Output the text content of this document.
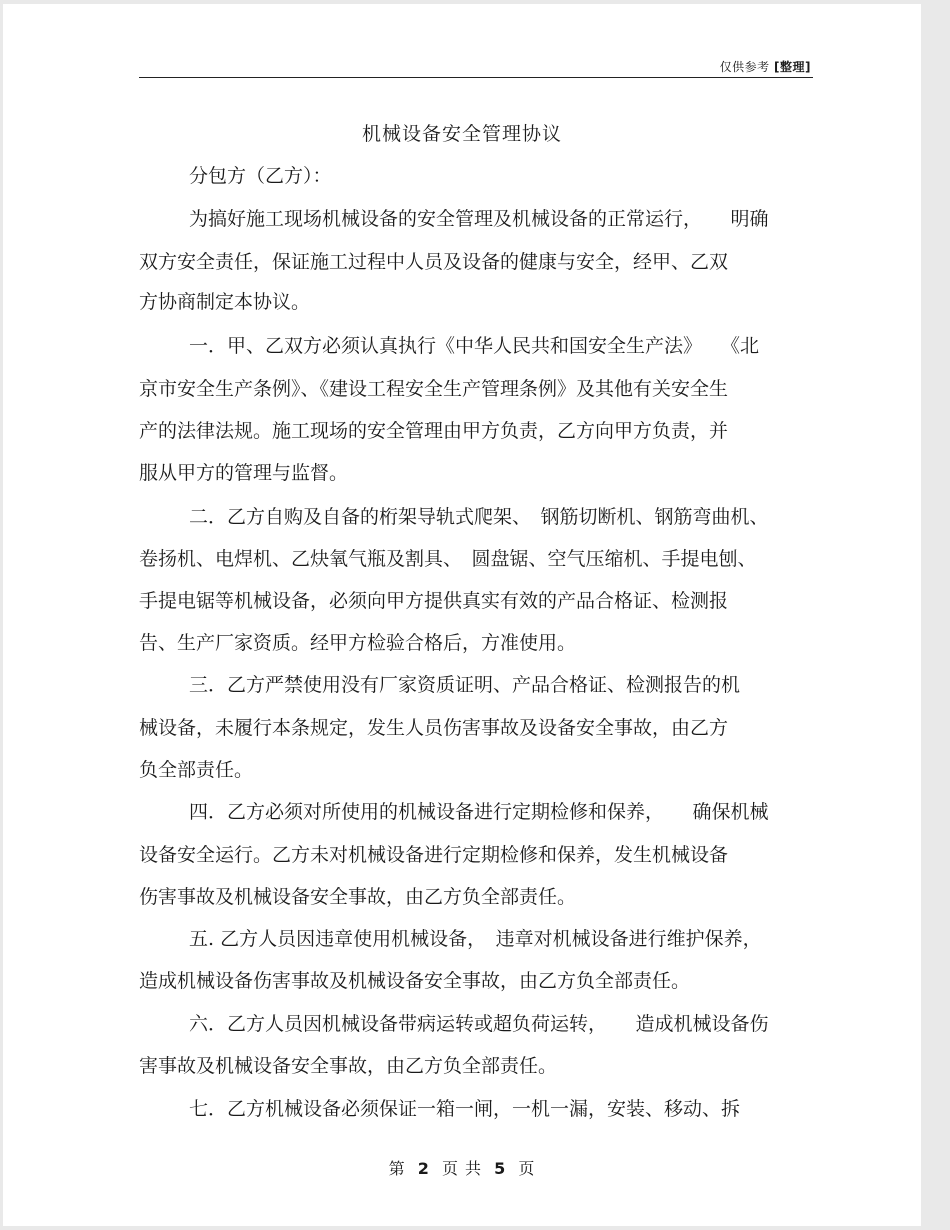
仅供参考 [整理]
机械设备安全管理协议
分包方（乙方）：
为搞好施工现场机械设备的安全管理及机械设备的正常运行，　　明确
双方安全责任，保证施工过程中人员及设备的健康与安全，经甲、乙双
方协商制定本协议。
一．甲、乙双方必须认真执行《中华人民共和国安全生产法》　　《北
京市安全生产条例》、《建设工程安全生产管理条例》及其他有关安全生
产的法律法规。施工现场的安全管理由甲方负责，乙方向甲方负责，并
服从甲方的管理与监督。
二．乙方自购及自备的桁架导轨式爬架、　钢筋切断机、钢筋弯曲机、
卷扬机、电焊机、乙炔氧气瓶及割具、　圆盘锯、空气压缩机、手提电刨、
手提电锯等机械设备，必须向甲方提供真实有效的产品合格证、检测报
告、生产厂家资质。经甲方检验合格后，方准使用。
三．乙方严禁使用没有厂家资质证明、产品合格证、检测报告的机
械设备，未履行本条规定，发生人员伤害事故及设备安全事故，由乙方
负全部责任。
四．乙方必须对所使用的机械设备进行定期检修和保养，　　确保机械
设备安全运行。乙方未对机械设备进行定期检修和保养，发生机械设备
伤害事故及机械设备安全事故，由乙方负全部责任。
五. 乙方人员因违章使用机械设备，　违章对机械设备进行维护保养，
造成机械设备伤害事故及机械设备安全事故，由乙方负全部责任。
六．乙方人员因机械设备带病运转或超负荷运转，　　造成机械设备伤
害事故及机械设备安全事故，由乙方负全部责任。
七．乙方机械设备必须保证一箱一闸，一机一漏，安装、移动、拆
第 2 页 共 5 页
